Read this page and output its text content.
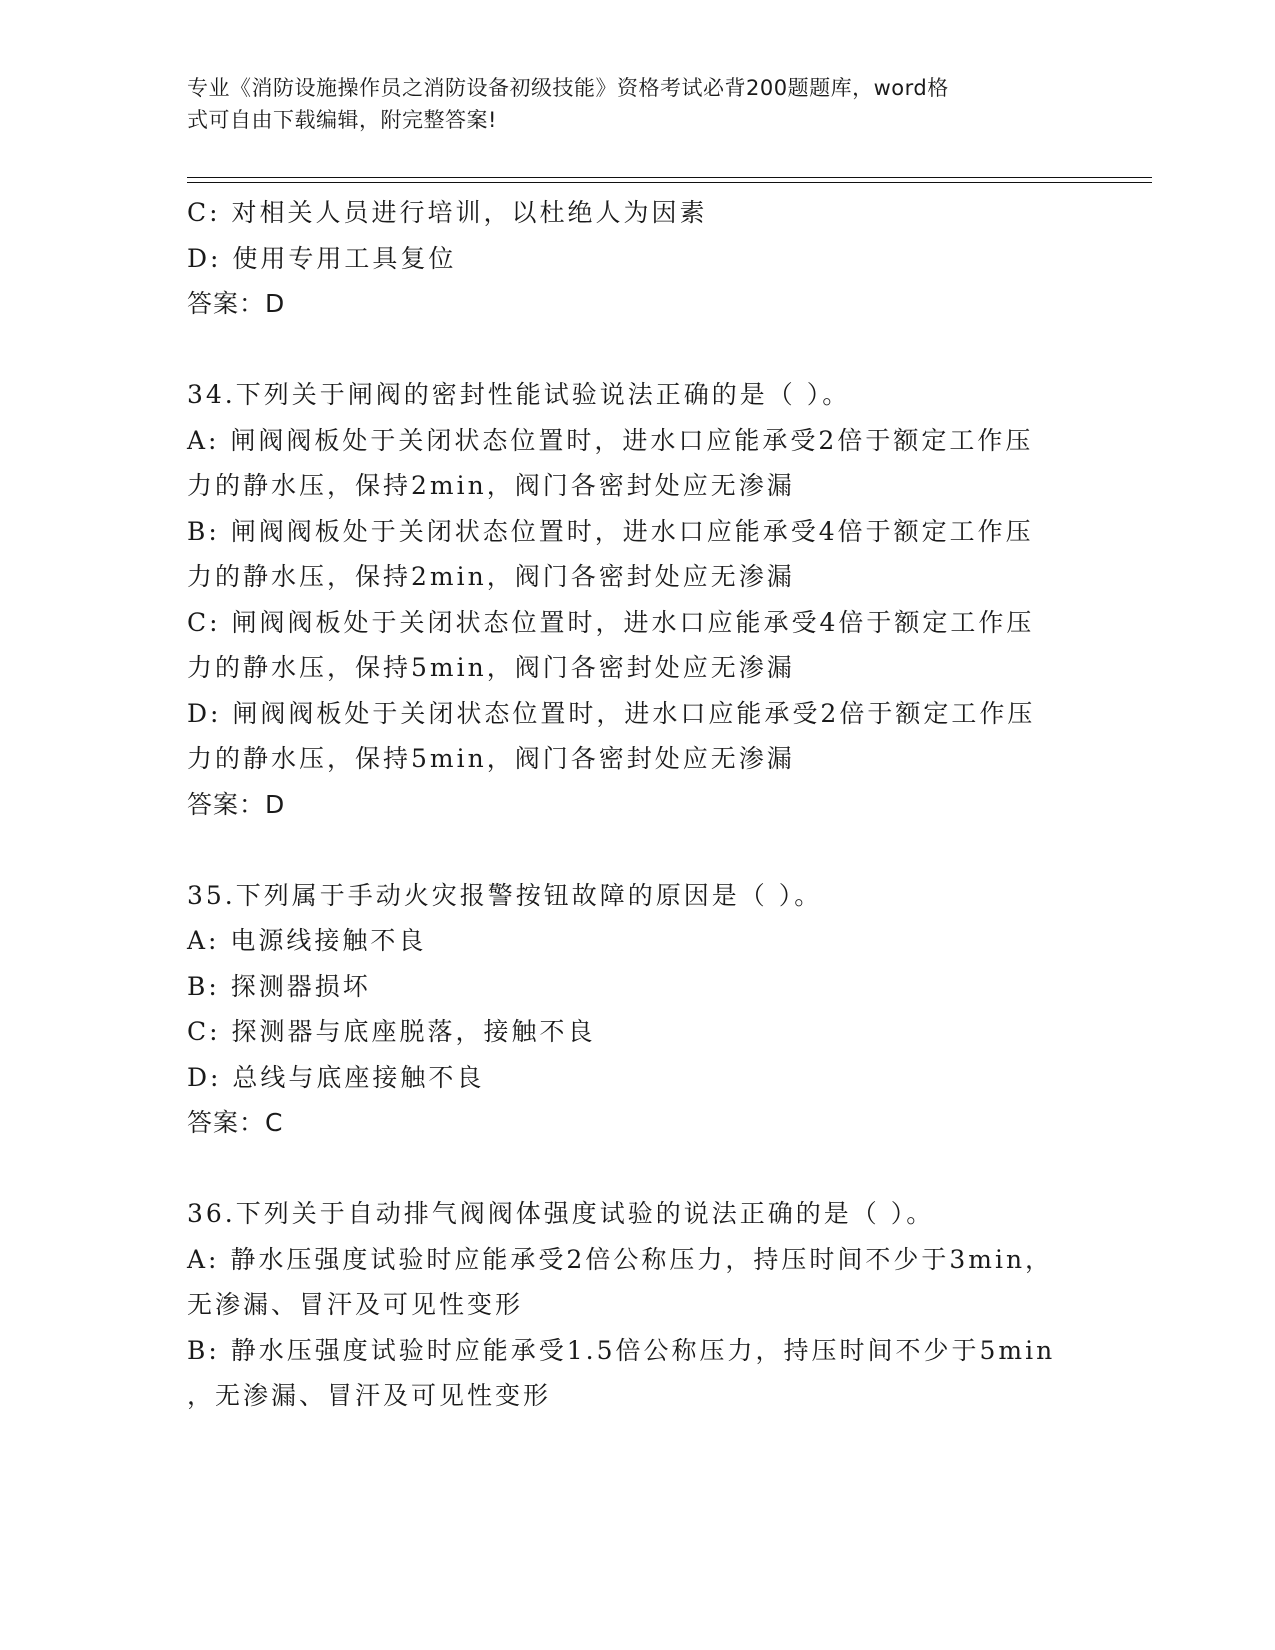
专业《消防设施操作员之消防设备初级技能》资格考试必背200题题库，word格
式可自由下载编辑，附完整答案!
C: 对相关人员进行培训，以杜绝人为因素
D: 使用专用工具复位
答案：D
34.下列关于闸阀的密封性能试验说法正确的是（ ）。
A: 闸阀阀板处于关闭状态位置时，进水口应能承受2倍于额定工作压
力的静水压，保持2min，阀门各密封处应无渗漏
B: 闸阀阀板处于关闭状态位置时，进水口应能承受4倍于额定工作压
力的静水压，保持2min，阀门各密封处应无渗漏
C: 闸阀阀板处于关闭状态位置时，进水口应能承受4倍于额定工作压
力的静水压，保持5min，阀门各密封处应无渗漏
D: 闸阀阀板处于关闭状态位置时，进水口应能承受2倍于额定工作压
力的静水压，保持5min，阀门各密封处应无渗漏
答案：D
35.下列属于手动火灾报警按钮故障的原因是（ ）。
A: 电源线接触不良
B: 探测器损坏
C: 探测器与底座脱落，接触不良
D: 总线与底座接触不良
答案：C
36.下列关于自动排气阀阀体强度试验的说法正确的是（ ）。
A: 静水压强度试验时应能承受2倍公称压力，持压时间不少于3min，
无渗漏、冒汗及可见性变形
B: 静水压强度试验时应能承受1.5倍公称压力，持压时间不少于5min
，无渗漏、冒汗及可见性变形
